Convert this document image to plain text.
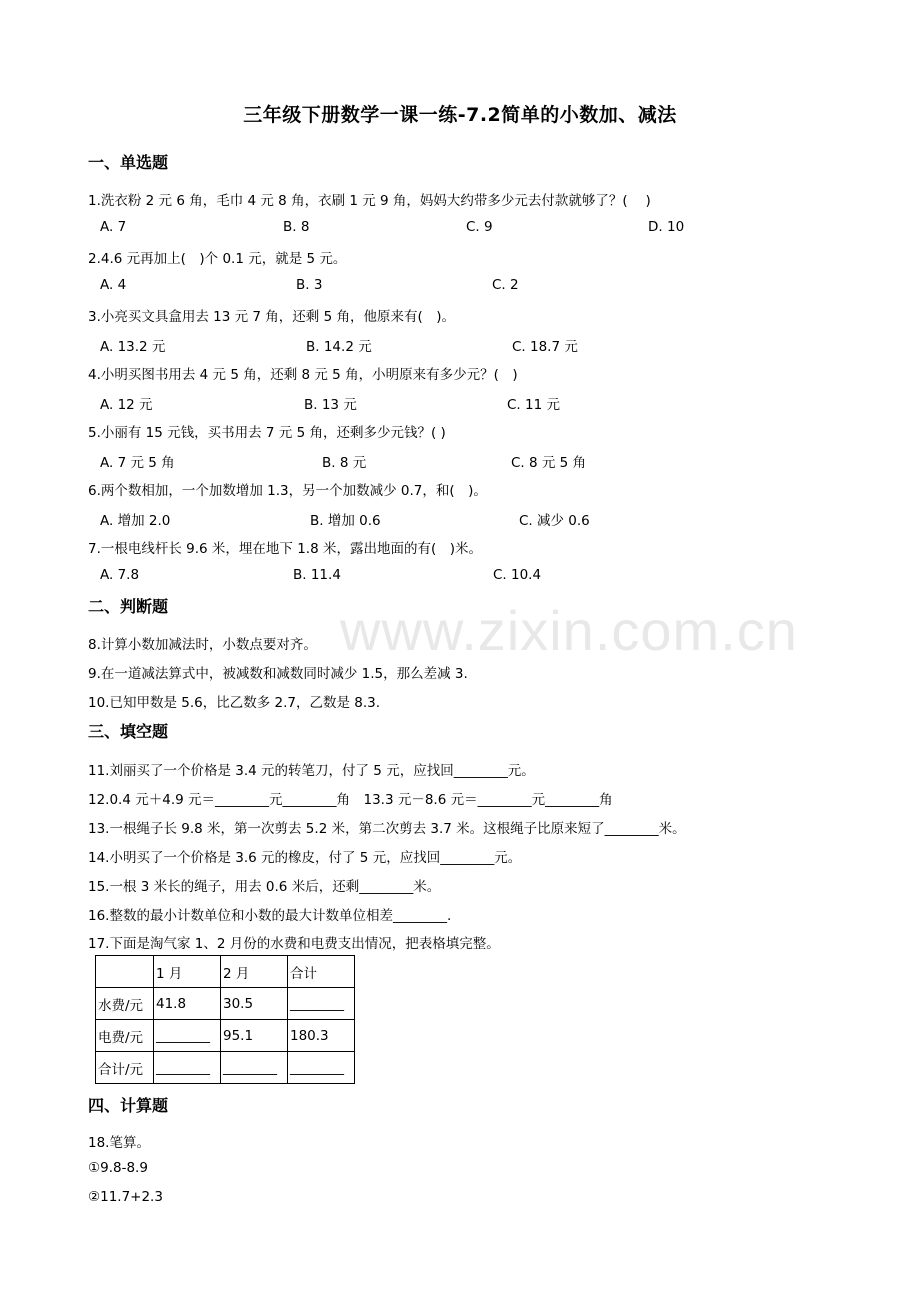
三年级下册数学一课一练-7.2简单的小数加、减法
一、单选题
1.洗衣粉 2 元 6 角，毛巾 4 元 8 角，衣刷 1 元 9 角，妈妈大约带多少元去付款就够了？(　 )
A. 7	B. 8	C. 9	D. 10
2.4.6 元再加上(　)个 0.1 元，就是 5 元。
A. 4	B. 3	C. 2
3.小亮买文具盒用去 13 元 7 角，还剩 5 角，他原来有(　)。
A. 13.2 元	B. 14.2 元	C. 18.7 元
4.小明买图书用去 4 元 5 角，还剩 8 元 5 角，小明原来有多少元？(　)
A. 12 元	B. 13 元	C. 11 元
5.小丽有 15 元钱，买书用去 7 元 5 角，还剩多少元钱？( )
A. 7 元 5 角	B. 8 元	C. 8 元 5 角
6.两个数相加，一个加数增加 1.3，另一个加数减少 0.7，和(　)。
A. 增加 2.0	B. 增加 0.6	C. 减少 0.6
7.一根电线杆长 9.6 米，埋在地下 1.8 米，露出地面的有(　)米。
A. 7.8	B. 11.4	C. 10.4
二、判断题	www.zixin.com.cn
8.计算小数加减法时，小数点要对齐。
9.在一道减法算式中，被减数和减数同时减少 1.5，那么差减 3.
10.已知甲数是 5.6，比乙数多 2.7，乙数是 8.3.
三、填空题
11.刘丽买了一个价格是 3.4 元的转笔刀，付了 5 元，应找回________元。
12.0.4 元＋4.9 元＝________元________角　13.3 元－8.6 元＝________元________角
13.一根绳子长 9.8 米，第一次剪去 5.2 米，第二次剪去 3.7 米。这根绳子比原来短了________米。
14.小明买了一个价格是 3.6 元的橡皮，付了 5 元，应找回________元。
15.一根 3 米长的绳子，用去 0.6 米后，还剩________米。
16.整数的最小计数单位和小数的最大计数单位相差________.
17.下面是淘气家 1、2 月份的水费和电费支出情况，把表格填完整。
	1 月	2 月	合计
水费/元	41.8	30.5	________
电费/元	________	95.1	180.3
合计/元	________	________	________
四、计算题
18.笔算。
①9.8-8.9
②11.7+2.3
